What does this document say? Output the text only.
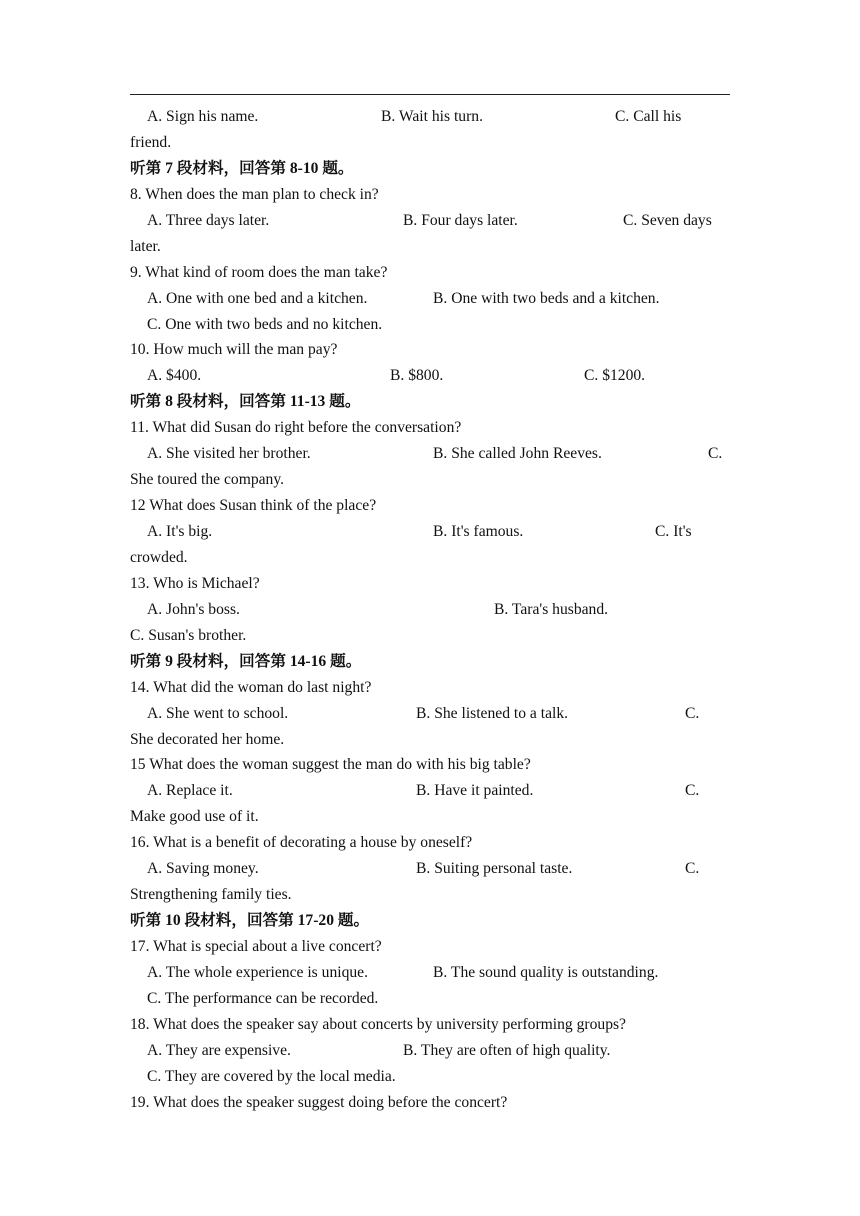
A. Sign his name.	B. Wait his turn.	C. Call his
friend.
听第 7 段材料，回答第 8-10 题。
8. When does the man plan to check in?
A. Three days later.	B. Four days later.	C. Seven days
later.
9. What kind of room does the man take?
A. One with one bed and a kitchen.	B. One with two beds and a kitchen.
C. One with two beds and no kitchen.
10. How much will the man pay?
A. $400.	B. $800.	C. $1200.
听第 8 段材料，回答第 11-13 题。
11. What did Susan do right before the conversation?
A. She visited her brother.	B. She called John Reeves.	C.
She toured the company.
12 What does Susan think of the place?
A. It's big.	B. It's famous.	C. It's
crowded.
13. Who is Michael?
A. John's boss.	B. Tara's husband.
C. Susan's brother.
听第 9 段材料，回答第 14-16 题。
14. What did the woman do last night?
A. She went to school.	B. She listened to a talk.	C.
She decorated her home.
15 What does the woman suggest the man do with his big table?
A. Replace it.	B. Have it painted.	C.
Make good use of it.
16. What is a benefit of decorating a house by oneself?
A. Saving money.	B. Suiting personal taste.	C.
Strengthening family ties.
听第 10 段材料，回答第 17-20 题。
17. What is special about a live concert?
A. The whole experience is unique.	B. The sound quality is outstanding.
C. The performance can be recorded.
18. What does the speaker say about concerts by university performing groups?
A. They are expensive.	B. They are often of high quality.
C. They are covered by the local media.
19. What does the speaker suggest doing before the concert?
